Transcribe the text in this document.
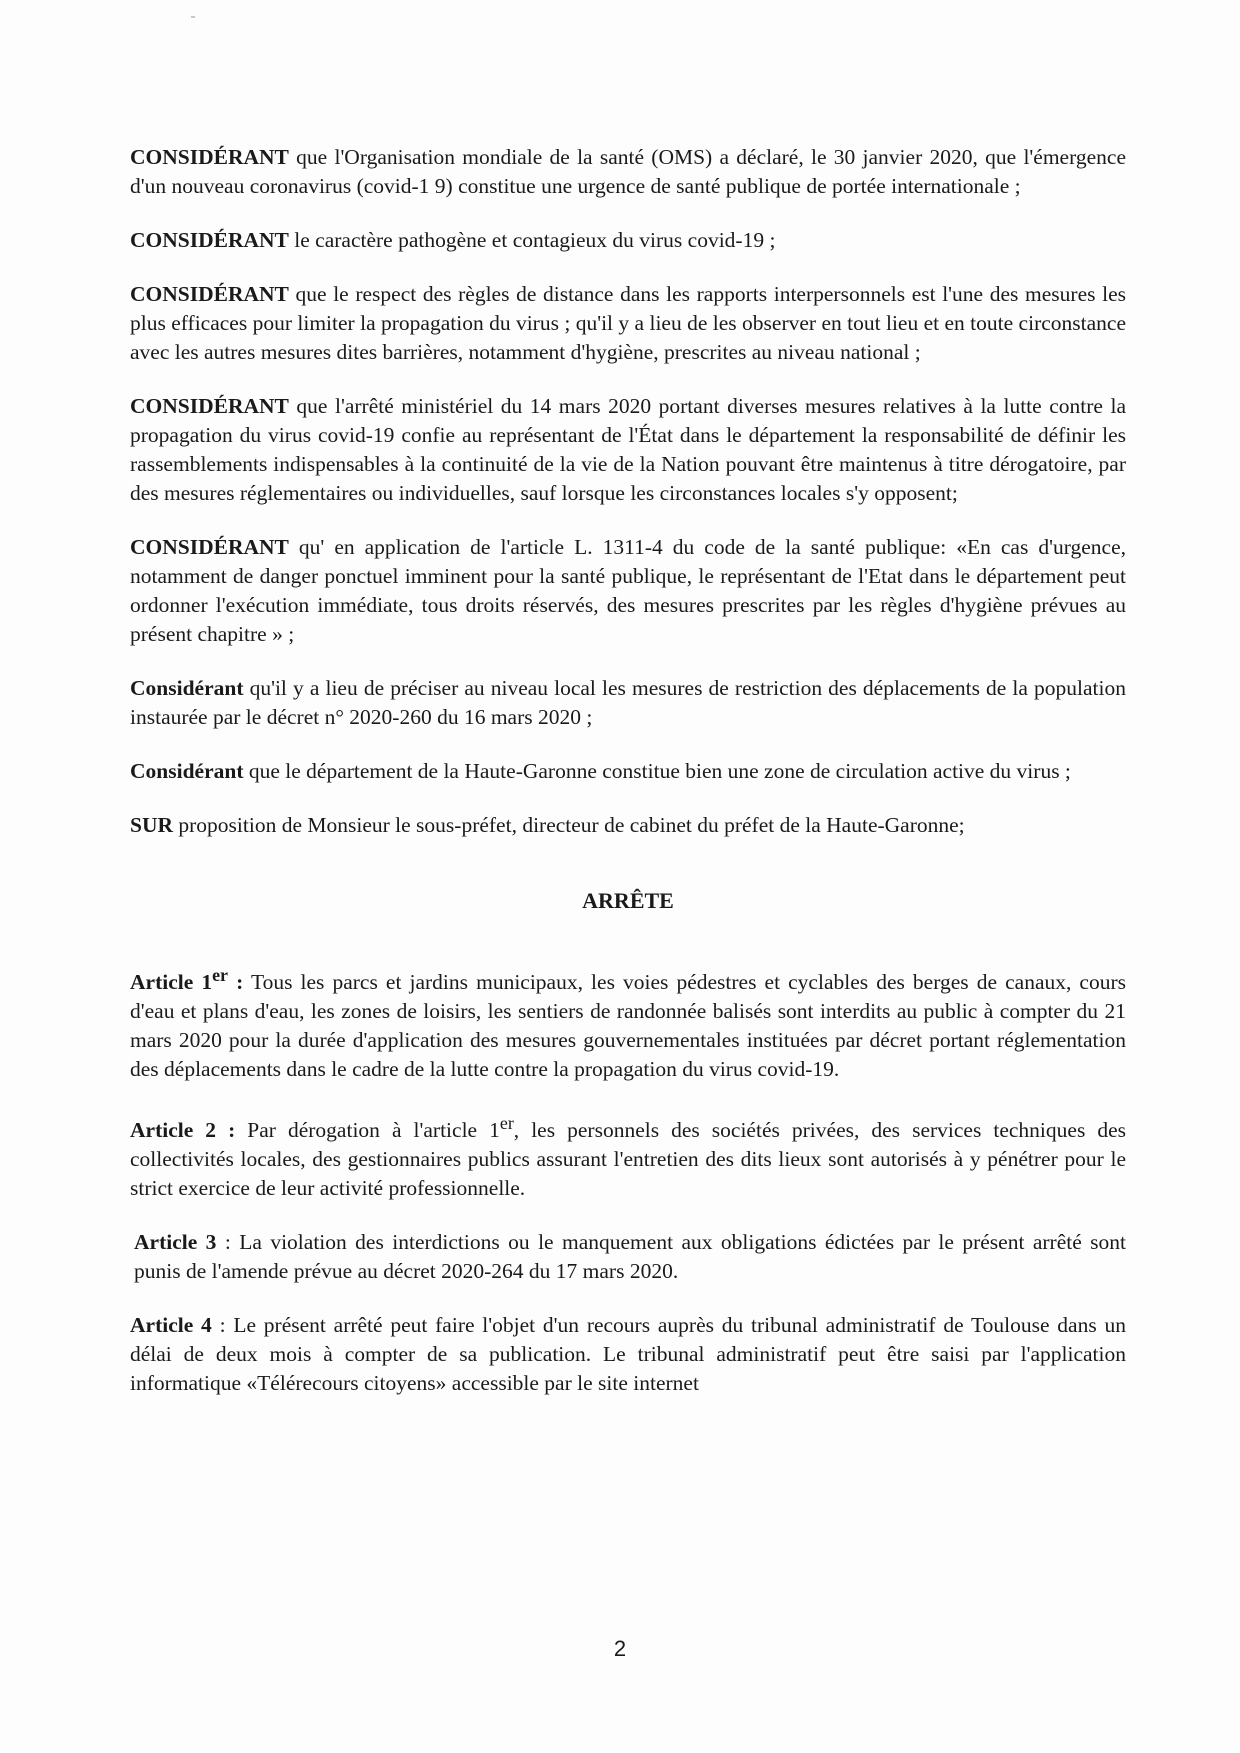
CONSIDÉRANT que l'Organisation mondiale de la santé (OMS) a déclaré, le 30 janvier 2020, que l'émergence d'un nouveau coronavirus (covid-1 9) constitue une urgence de santé publique de portée internationale ;

CONSIDÉRANT le caractère pathogène et contagieux du virus covid-19 ;

CONSIDÉRANT que le respect des règles de distance dans les rapports interpersonnels est l'une des mesures les plus efficaces pour limiter la propagation du virus ; qu'il y a lieu de les observer en tout lieu et en toute circonstance avec les autres mesures dites barrières, notamment d'hygiène, prescrites au niveau national ;

CONSIDÉRANT que l'arrêté ministériel du 14 mars 2020 portant diverses mesures relatives à la lutte contre la propagation du virus covid-19 confie au représentant de l'État dans le département la responsabilité de définir les rassemblements indispensables à la continuité de la vie de la Nation pouvant être maintenus à titre dérogatoire, par des mesures réglementaires ou individuelles, sauf lorsque les circonstances locales s'y opposent;

CONSIDÉRANT qu' en application de l'article L. 1311-4 du code de la santé publique: «En cas d'urgence, notamment de danger ponctuel imminent pour la santé publique, le représentant de l'Etat dans le département peut ordonner l'exécution immédiate, tous droits réservés, des mesures prescrites par les règles d'hygiène prévues au présent chapitre » ;

Considérant qu'il y a lieu de préciser au niveau local les mesures de restriction des déplacements de la population instaurée par le décret n° 2020-260 du 16 mars 2020 ;

Considérant que le département de la Haute-Garonne constitue bien une zone de circulation active du virus ;

SUR proposition de Monsieur le sous-préfet, directeur de cabinet du préfet de la Haute-Garonne;

ARRÊTE

Article 1er : Tous les parcs et jardins municipaux, les voies pédestres et cyclables des berges de canaux, cours d'eau et plans d'eau, les zones de loisirs, les sentiers de randonnée balisés sont interdits au public à compter du 21 mars 2020 pour la durée d'application des mesures gouvernementales instituées par décret portant réglementation des déplacements dans le cadre de la lutte contre la propagation du virus covid-19.

Article 2 : Par dérogation à l'article 1er, les personnels des sociétés privées, des services techniques des collectivités locales, des gestionnaires publics assurant l'entretien des dits lieux sont autorisés à y pénétrer pour le strict exercice de leur activité professionnelle.

Article 3 : La violation des interdictions ou le manquement aux obligations édictées par le présent arrêté sont punis de l'amende prévue au décret 2020-264 du 17 mars 2020.

Article 4 : Le présent arrêté peut faire l'objet d'un recours auprès du tribunal administratif de Toulouse dans un délai de deux mois à compter de sa publication. Le tribunal administratif peut être saisi par l'application informatique «Télérecours citoyens» accessible par le site internet

2
